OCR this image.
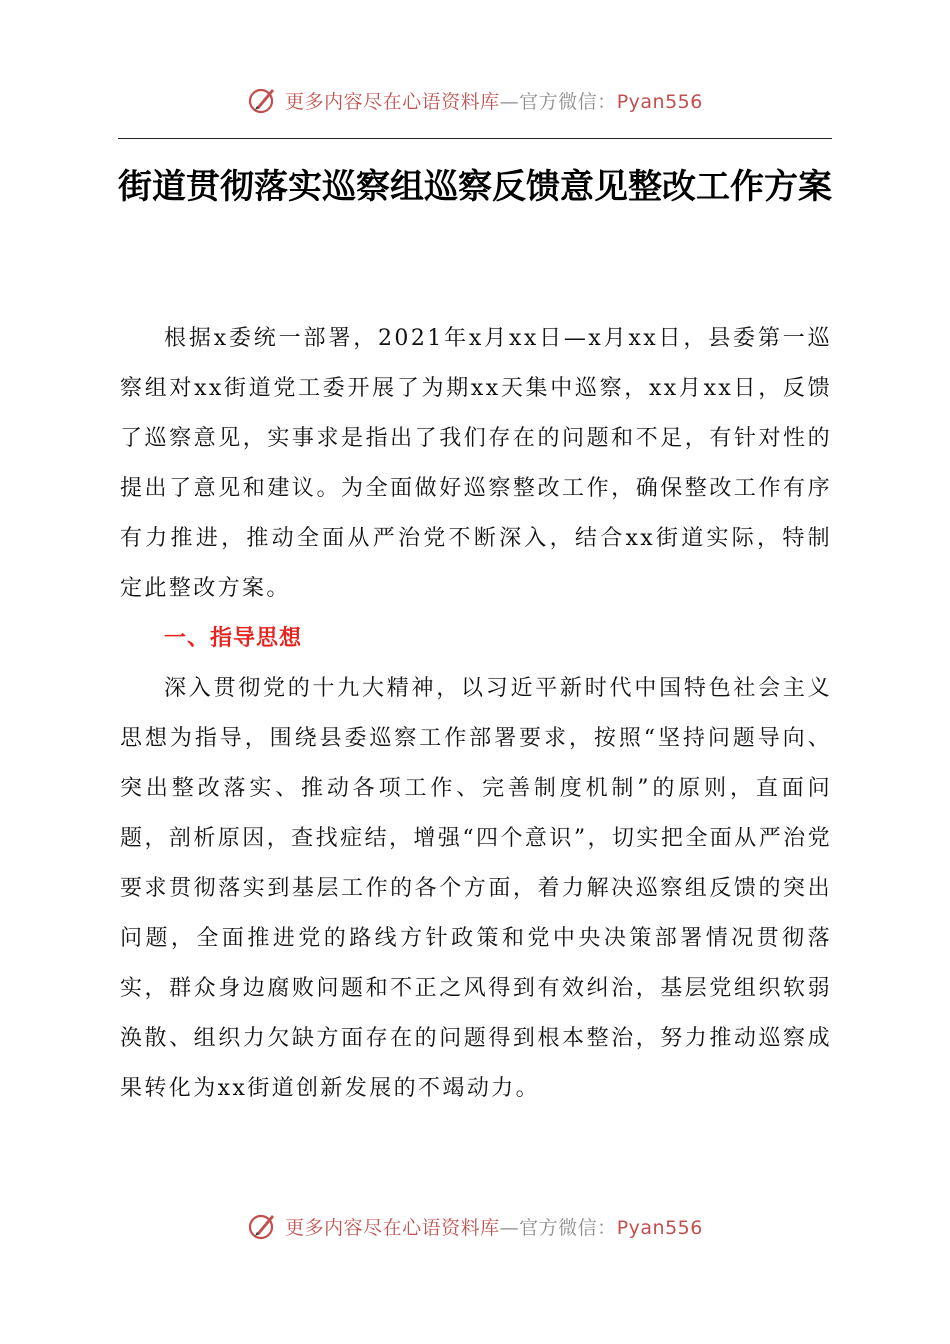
更多内容尽在心语资料库—官方微信：Pyan556
街道贯彻落实巡察组巡察反馈意见整改工作方案

根据x委统一部署，2021年x月xx日—x月xx日，县委第一巡察组对xx街道党工委开展了为期xx天集中巡察，xx月xx日，反馈了巡察意见，实事求是指出了我们存在的问题和不足，有针对性的提出了意见和建议。为全面做好巡察整改工作，确保整改工作有序有力推进，推动全面从严治党不断深入，结合xx街道实际，特制定此整改方案。

一、指导思想

深入贯彻党的十九大精神，以习近平新时代中国特色社会主义思想为指导，围绕县委巡察工作部署要求，按照“坚持问题导向、突出整改落实、推动各项工作、完善制度机制”的原则，直面问题，剖析原因，查找症结，增强“四个意识”，切实把全面从严治党要求贯彻落实到基层工作的各个方面，着力解决巡察组反馈的突出问题，全面推进党的路线方针政策和党中央决策部署情况贯彻落实，群众身边腐败问题和不正之风得到有效纠治，基层党组织软弱涣散、组织力欠缺方面存在的问题得到根本整治，努力推动巡察成果转化为xx街道创新发展的不竭动力。

更多内容尽在心语资料库—官方微信：Pyan556
